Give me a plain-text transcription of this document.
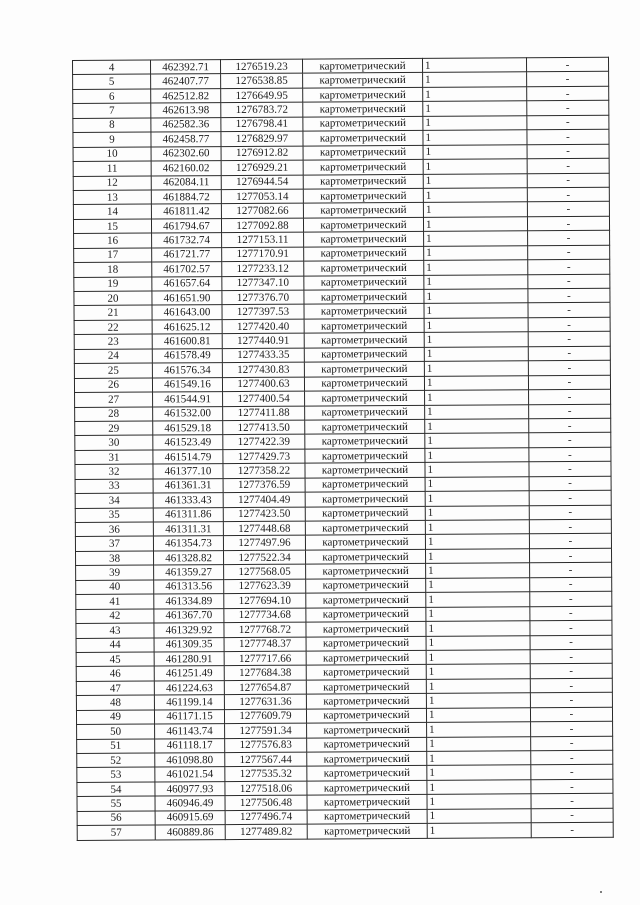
4	462392.71	1276519.23	картометрический	1	-
5	462407.77	1276538.85	картометрический	1	-
6	462512.82	1276649.95	картометрический	1	-
7	462613.98	1276783.72	картометрический	1	-
8	462582.36	1276798.41	картометрический	1	-
9	462458.77	1276829.97	картометрический	1	-
10	462302.60	1276912.82	картометрический	1	-
11	462160.02	1276929.21	картометрический	1	-
12	462084.11	1276944.54	картометрический	1	-
13	461884.72	1277053.14	картометрический	1	-
14	461811.42	1277082.66	картометрический	1	-
15	461794.67	1277092.88	картометрический	1	-
16	461732.74	1277153.11	картометрический	1	-
17	461721.77	1277170.91	картометрический	1	-
18	461702.57	1277233.12	картометрический	1	-
19	461657.64	1277347.10	картометрический	1	-
20	461651.90	1277376.70	картометрический	1	-
21	461643.00	1277397.53	картометрический	1	-
22	461625.12	1277420.40	картометрический	1	-
23	461600.81	1277440.91	картометрический	1	-
24	461578.49	1277433.35	картометрический	1	-
25	461576.34	1277430.83	картометрический	1	-
26	461549.16	1277400.63	картометрический	1	-
27	461544.91	1277400.54	картометрический	1	-
28	461532.00	1277411.88	картометрический	1	-
29	461529.18	1277413.50	картометрический	1	-
30	461523.49	1277422.39	картометрический	1	-
31	461514.79	1277429.73	картометрический	1	-
32	461377.10	1277358.22	картометрический	1	-
33	461361.31	1277376.59	картометрический	1	-
34	461333.43	1277404.49	картометрический	1	-
35	461311.86	1277423.50	картометрический	1	-
36	461311.31	1277448.68	картометрический	1	-
37	461354.73	1277497.96	картометрический	1	-
38	461328.82	1277522.34	картометрический	1	-
39	461359.27	1277568.05	картометрический	1	-
40	461313.56	1277623.39	картометрический	1	-
41	461334.89	1277694.10	картометрический	1	-
42	461367.70	1277734.68	картометрический	1	-
43	461329.92	1277768.72	картометрический	1	-
44	461309.35	1277748.37	картометрический	1	-
45	461280.91	1277717.66	картометрический	1	-
46	461251.49	1277684.38	картометрический	1	-
47	461224.63	1277654.87	картометрический	1	-
48	461199.14	1277631.36	картометрический	1	-
49	461171.15	1277609.79	картометрический	1	-
50	461143.74	1277591.34	картометрический	1	-
51	461118.17	1277576.83	картометрический	1	-
52	461098.80	1277567.44	картометрический	1	-
53	461021.54	1277535.32	картометрический	1	-
54	460977.93	1277518.06	картометрический	1	-
55	460946.49	1277506.48	картометрический	1	-
56	460915.69	1277496.74	картометрический	1	-
57	460889.86	1277489.82	картометрический	1	-
